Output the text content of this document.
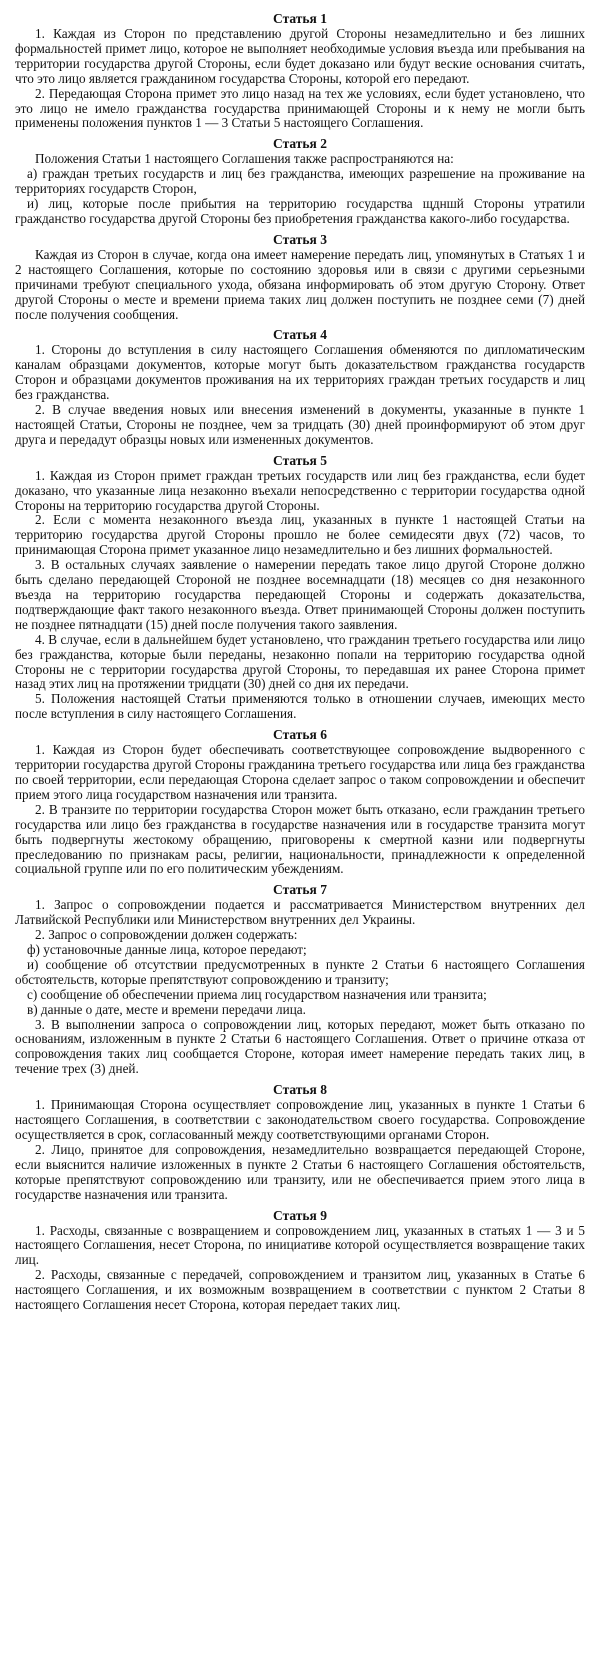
Статья 1

1. Каждая из Сторон по представлению другой Стороны незамедлительно и без лишних формальностей примет лицо, которое не выполняет необходимые условия въезда или пребывания на территории государства другой Стороны, если будет доказано или будут веские основания считать, что это лицо является гражданином государства Стороны, которой его передают.

2. Передающая Сторона примет это лицо назад на тех же условиях, если будет установлено, что это лицо не имело гражданства государства принимающей Стороны и к нему не могли быть применены положения пунктов 1 — 3 Статьи 5 настоящего Соглашения.

Статья 2

Положения Статьи 1 настоящего Соглашения также распространяются на:

а) граждан третьих государств и лиц без гражданства, имеющих разрешение на проживание на территориях государств Сторон,

и) лиц, которые после прибытия на территорию государства щдншй Стороны утратили гражданство государства другой Стороны без приобретения гражданства какого-либо государства.

Статья 3

Каждая из Сторон в случае, когда она имеет намерение передать лиц, упомянутых в Статьях 1 и 2 настоящего Соглашения, которые по состоянию здоровья или в связи с другими серьезными причинами требуют специального ухода, обязана информировать об этом другую Сторону. Ответ другой Стороны о месте и времени приема таких лиц должен поступить не позднее семи (7) дней после получения сообщения.

Статья 4

1. Стороны до вступления в силу настоящего Соглашения обменяются по дипломатическим каналам образцами документов, которые могут быть доказательством гражданства государств Сторон и образцами документов проживания на их территориях граждан третьих государств и лиц без гражданства.

2. В случае введения новых или внесения изменений в документы, указанные в пункте 1 настоящей Статьи, Стороны не позднее, чем за тридцать (30) дней проинформируют об этом друг друга и передадут образцы новых или измененных документов.

Статья 5

1. Каждая из Сторон примет граждан третьих государств или лиц без гражданства, если будет доказано, что указанные лица незаконно въехали непосредственно с территории государства одной Стороны на территорию государства другой Стороны.

2. Если с момента незаконного въезда лиц, указанных в пункте 1 настоящей Статьи на территорию государства другой Стороны прошло не более семидесяти двух (72) часов, то принимающая Сторона примет указанное лицо незамедлительно и без лишних формальностей.

3. В остальных случаях заявление о намерении передать такое лицо другой Стороне должно быть сделано передающей Стороной не позднее восемнадцати (18) месяцев со дня незаконного въезда на территорию государства передающей Стороны и содержать доказательства, подтверждающие факт такого незаконного въезда. Ответ принимающей Стороны должен поступить не позднее пятнадцати (15) дней после получения такого заявления.

4. В случае, если в дальнейшем будет установлено, что гражданин третьего государства или лицо без гражданства, которые были переданы, незаконно попали на территорию государства одной Стороны не с территории государства другой Стороны, то передавшая их ранее Сторона примет назад этих лиц на протяжении тридцати (30) дней со дня их передачи.

5. Положения настоящей Статьи применяются только в отношении случаев, имеющих место после вступления в силу настоящего Соглашения.

Статья 6

1. Каждая из Сторон будет обеспечивать соответствующее сопровождение выдворенного с территории государства другой Стороны гражданина третьего государства или лица без гражданства по своей территории, если передающая Сторона сделает запрос о таком сопровождении и обеспечит прием этого лица государством назначения или транзита.

2. В транзите по территории государства Сторон может быть отказано, если гражданин третьего государства или лицо без гражданства в государстве назначения или в государстве транзита могут быть подвергнуты жестокому обращению, приговорены к смертной казни или подвергнуты преследованию по признакам расы, религии, национальности, принадлежности к определенной социальной группе или по его политическим убеждениям.

Статья 7

1. Запрос о сопровождении подается и рассматривается Министерством внутренних дел Латвийской Республики или Министерством внутренних дел Украины.

2. Запрос о сопровождении должен содержать:

ф) установочные данные лица, которое передают;

и) сообщение об отсутствии предусмотренных в пункте 2 Статьи 6 настоящего Соглашения обстоятельств, которые препятствуют сопровождению и транзиту;

с) сообщение об обеспечении приема лиц государством назначения или транзита;

в) данные о дате, месте и времени передачи лица.

3. В выполнении запроса о сопровождении лиц, которых передают, может быть отказано по основаниям, изложенным в пункте 2 Статьи 6 настоящего Соглашения. Ответ о причине отказа от сопровождения таких лиц сообщается Стороне, которая имеет намерение передать таких лиц, в течение трех (3) дней.

Статья 8

1. Принимающая Сторона осуществляет сопровождение лиц, указанных в пункте 1 Статьи 6 настоящего Соглашения, в соответствии с законодательством своего государства. Сопровождение осуществляется в срок, согласованный между соответствующими органами Сторон.

2. Лицо, принятое для сопровождения, незамедлительно возвращается передающей Стороне, если выяснится наличие изложенных в пункте 2 Статьи 6 настоящего Соглашения обстоятельств, которые препятствуют сопровождению или транзиту, или не обеспечивается прием этого лица в государстве назначения или транзита.

Статья 9

1. Расходы, связанные с возвращением и сопровождением лиц, указанных в статьях 1 — 3 и 5 настоящего Соглашения, несет Сторона, по инициативе которой осуществляется возвращение таких лиц.

2. Расходы, связанные с передачей, сопровождением и транзитом лиц, указанных в Статье 6 настоящего Соглашения, и их возможным возвращением в соответствии с пунктом 2 Статьи 8 настоящего Соглашения несет Сторона, которая передает таких лиц.
